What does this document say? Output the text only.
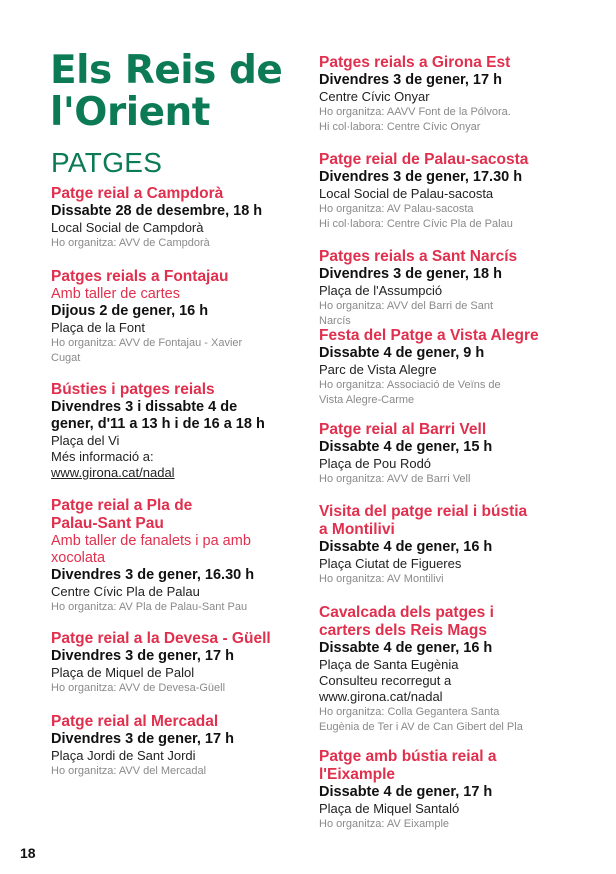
Els Reis de
l'Orient
PATGES
Patge reial a Campdorà
Dissabte 28 de desembre, 18 h
Local Social de Campdorà
Ho organitza: AVV de Campdorà
Patges reials a Fontajau
Amb taller de cartes
Dijous 2 de gener, 16 h
Plaça de la Font
Ho organitza: AVV de Fontajau - Xavier
Cugat
Bústies i patges reials
Divendres 3 i dissabte 4 de
gener, d'11 a 13 h i de 16 a 18 h
Plaça del Vi
Més informació a:
www.girona.cat/nadal
Patge reial a Pla de
Palau-Sant Pau
Amb taller de fanalets i pa amb
xocolata
Divendres 3 de gener, 16.30 h
Centre Cívic Pla de Palau
Ho organitza: AV Pla de Palau-Sant Pau
Patge reial a la Devesa - Güell
Divendres 3 de gener, 17 h
Plaça de Miquel de Palol
Ho organitza: AVV de Devesa-Güell
Patge reial al Mercadal
Divendres 3 de gener, 17 h
Plaça Jordi de Sant Jordi
Ho organitza: AVV del Mercadal
Patges reials a Girona Est
Divendres 3 de gener, 17 h
Centre Cívic Onyar
Ho organitza: AAVV Font de la Pólvora.
Hi col·labora: Centre Cívic Onyar
Patge reial de Palau-sacosta
Divendres 3 de gener, 17.30 h
Local Social de Palau-sacosta
Ho organitza: AV Palau-sacosta
Hi col·labora: Centre Cívic Pla de Palau
Patges reials a Sant Narcís
Divendres 3 de gener, 18 h
Plaça de l'Assumpció
Ho organitza: AVV del Barri de Sant
Narcís
Festa del Patge a Vista Alegre
Dissabte 4 de gener, 9 h
Parc de Vista Alegre
Ho organitza: Associació de Veïns de
Vista Alegre-Carme
Patge reial al Barri Vell
Dissabte 4 de gener, 15 h
Plaça de Pou Rodó
Ho organitza: AVV de Barri Vell
Visita del patge reial i bústia
a Montilivi
Dissabte 4 de gener, 16 h
Plaça Ciutat de Figueres
Ho organitza: AV Montilivi
Cavalcada dels patges i
carters dels Reis Mags
Dissabte 4 de gener, 16 h
Plaça de Santa Eugènia
Consulteu recorregut a
www.girona.cat/nadal
Ho organitza: Colla Gegantera Santa
Eugènia de Ter i AV de Can Gibert del Pla
Patge amb bústia reial a
l'Eixample
Dissabte 4 de gener, 17 h
Plaça de Miquel Santaló
Ho organitza: AV Eixample
18
